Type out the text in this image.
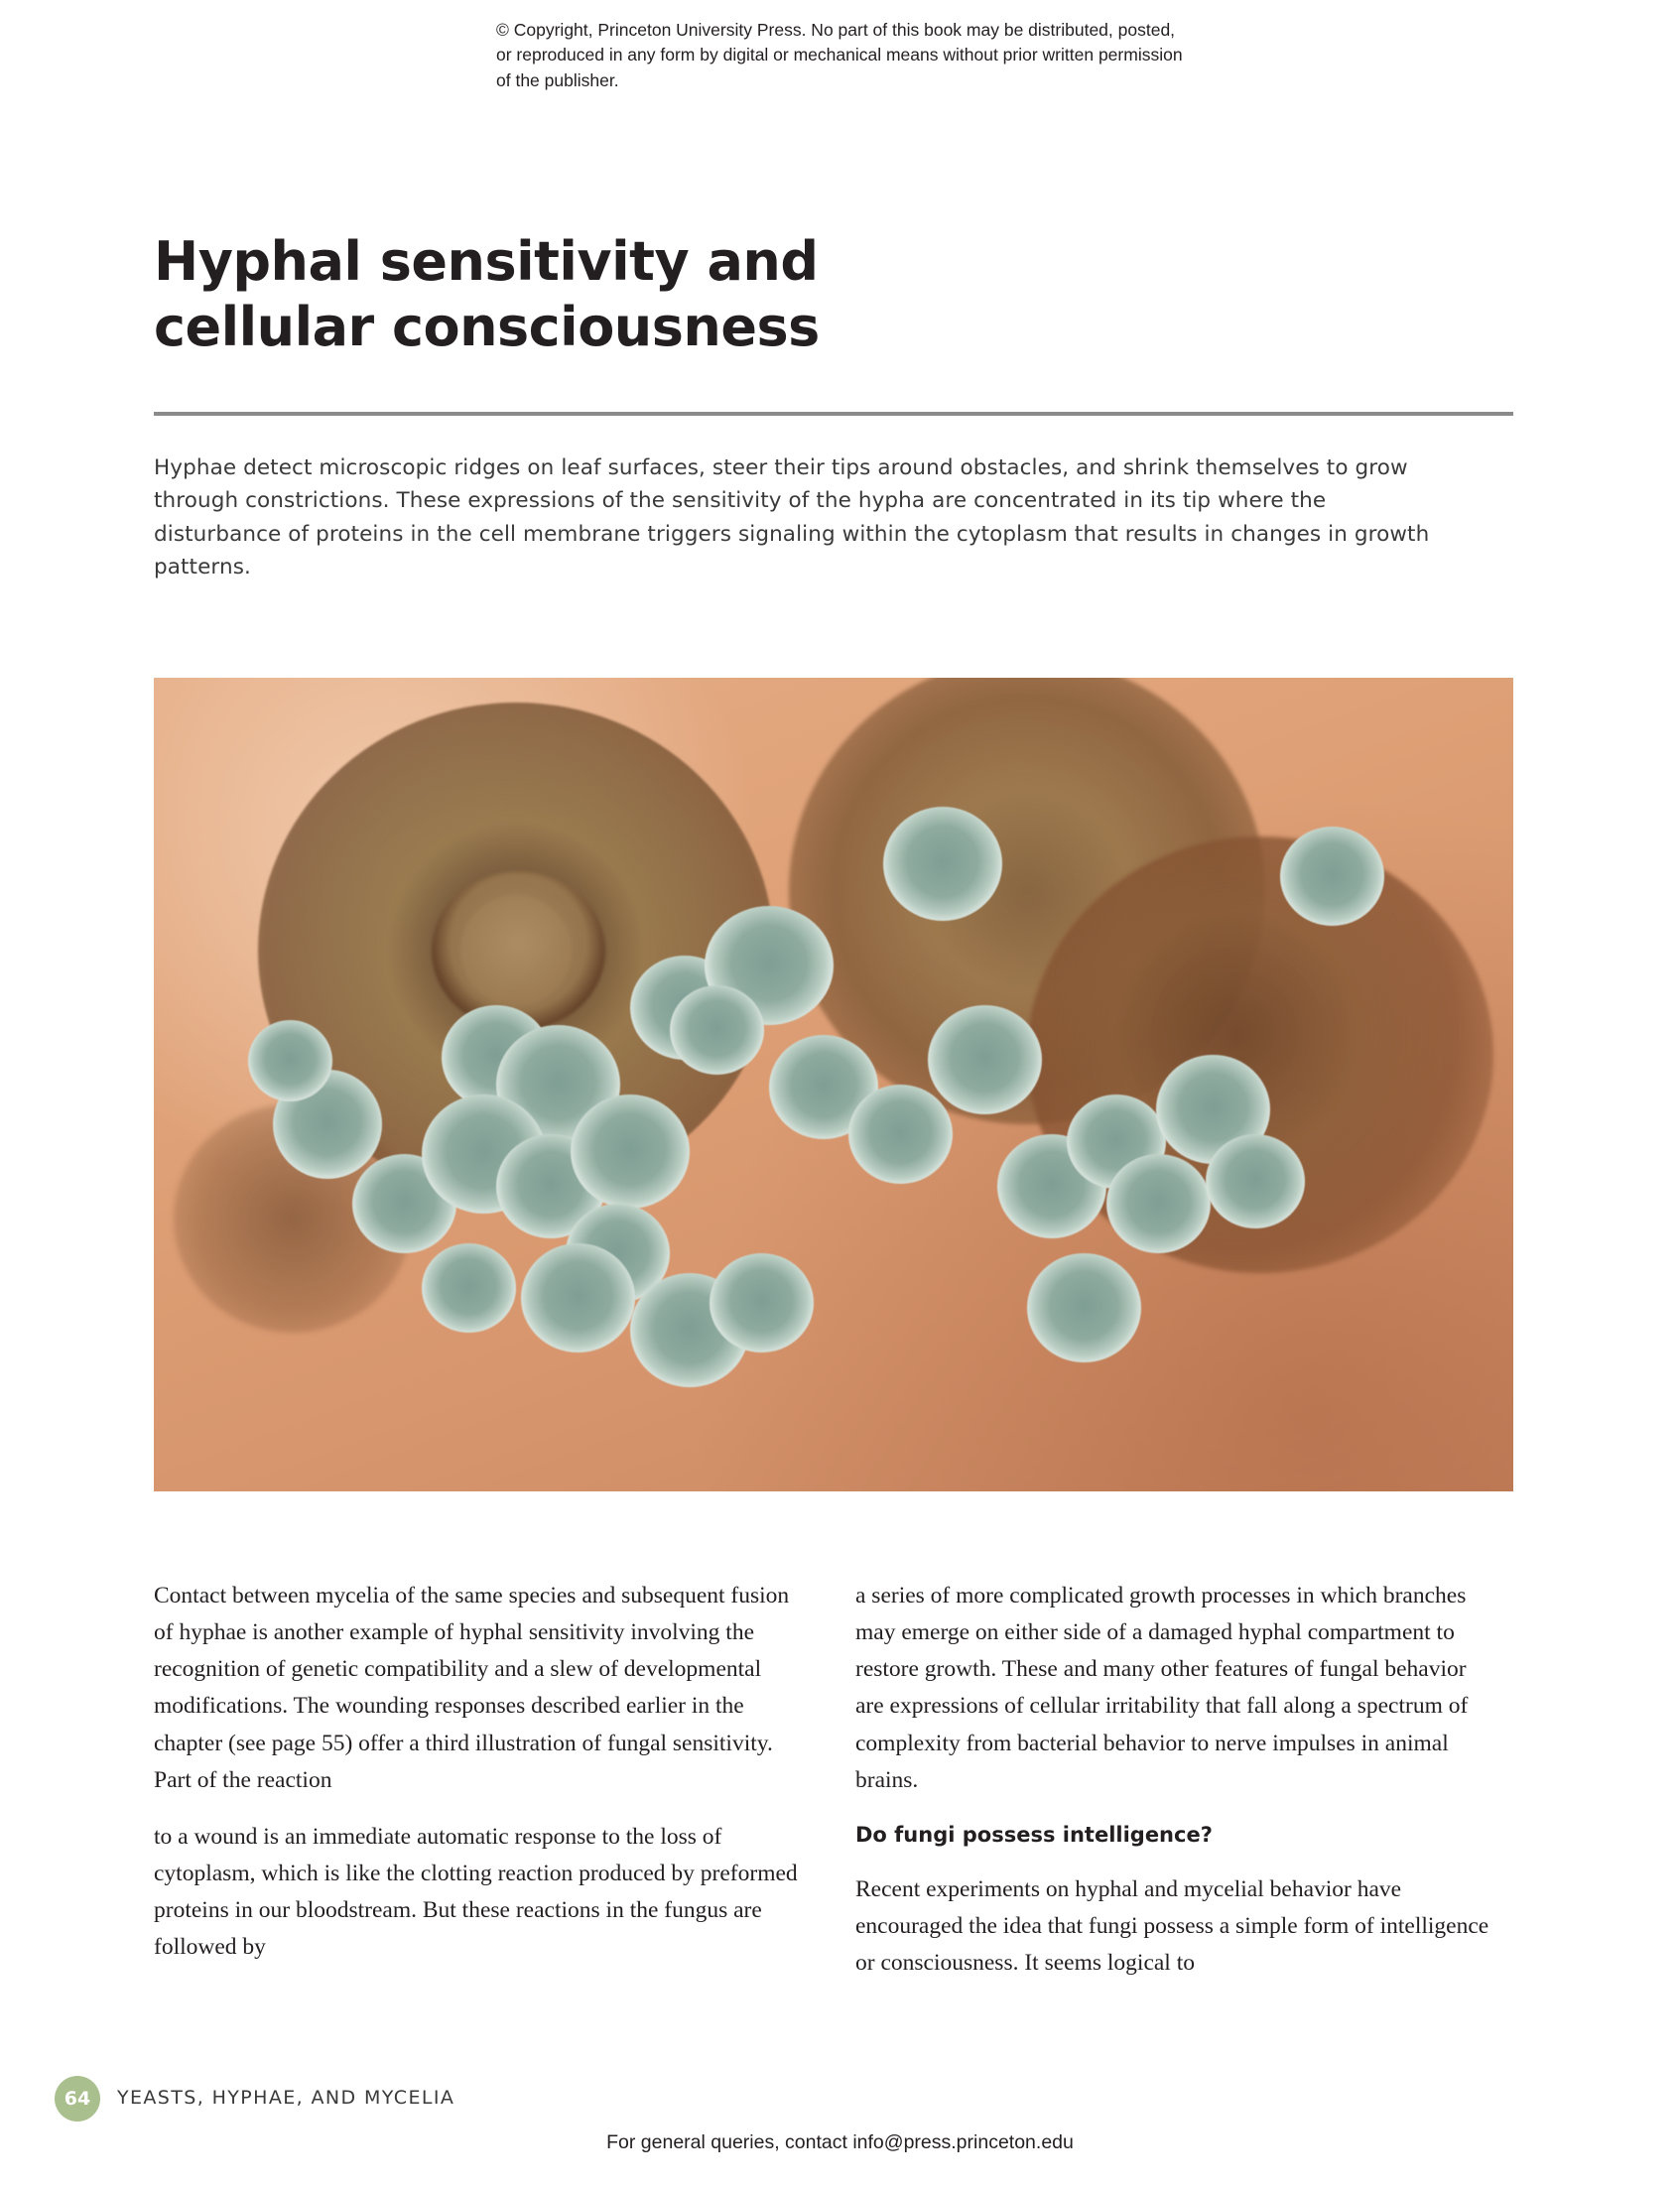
© Copyright, Princeton University Press. No part of this book may be distributed, posted, or reproduced in any form by digital or mechanical means without prior written permission of the publisher.
Hyphal sensitivity and
cellular consciousness
Hyphae detect microscopic ridges on leaf surfaces, steer their tips around obstacles, and shrink themselves to grow through constrictions. These expressions of the sensitivity of the hypha are concentrated in its tip where the disturbance of proteins in the cell membrane triggers signaling within the cytoplasm that results in changes in growth patterns.

Contact between mycelia of the same species and subsequent fusion of hyphae is another example of hyphal sensitivity involving the recognition of genetic compatibility and a slew of developmental modifications. The wounding responses described earlier in the chapter (see page 55) offer a third illustration of fungal sensitivity. Part of the reaction

to a wound is an immediate automatic response to the loss of cytoplasm, which is like the clotting reaction produced by preformed proteins in our bloodstream. But these reactions in the fungus are followed by

a series of more complicated growth processes in which branches may emerge on either side of a damaged hyphal compartment to restore growth. These and many other features of fungal behavior are expressions of cellular irritability that fall along a spectrum of complexity from bacterial behavior to nerve impulses in animal brains.

Do fungi possess intelligence?

Recent experiments on hyphal and mycelial behavior have encouraged the idea that fungi possess a simple form of intelligence or consciousness. It seems logical to

64	YEASTS, HYPHAE, AND MYCELIA
For general queries, contact info@press.princeton.edu
